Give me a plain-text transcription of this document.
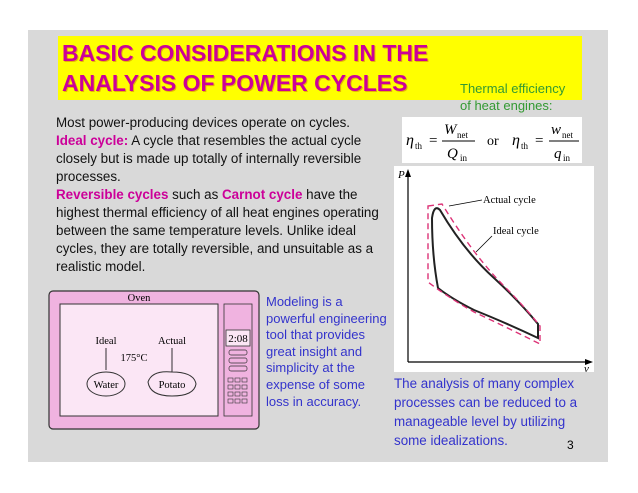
BASIC CONSIDERATIONS IN THE ANALYSIS OF POWER CYCLES	Thermal efficiency of heat engines:

Most power-producing devices operate on cycles.

Ideal cycle: A cycle that resembles the actual cycle closely but is made up totally of internally reversible processes.

Reversible cycles such as Carnot cycle have the highest thermal efficiency of all heat engines operating between the same temperature levels. Unlike ideal cycles, they are totally reversible, and unsuitable as a realistic model.

η th =
W net
Q in
or η th =
w net
q in
P
v
Actual cycle
Ideal cycle
Oven
Ideal	Actual
175°C
Water	Potato
2:08
Modeling is a powerful engineering tool that provides great insight and simplicity at the expense of some loss in accuracy.
The analysis of many complex processes can be reduced to a manageable level by utilizing some idealizations.	3
